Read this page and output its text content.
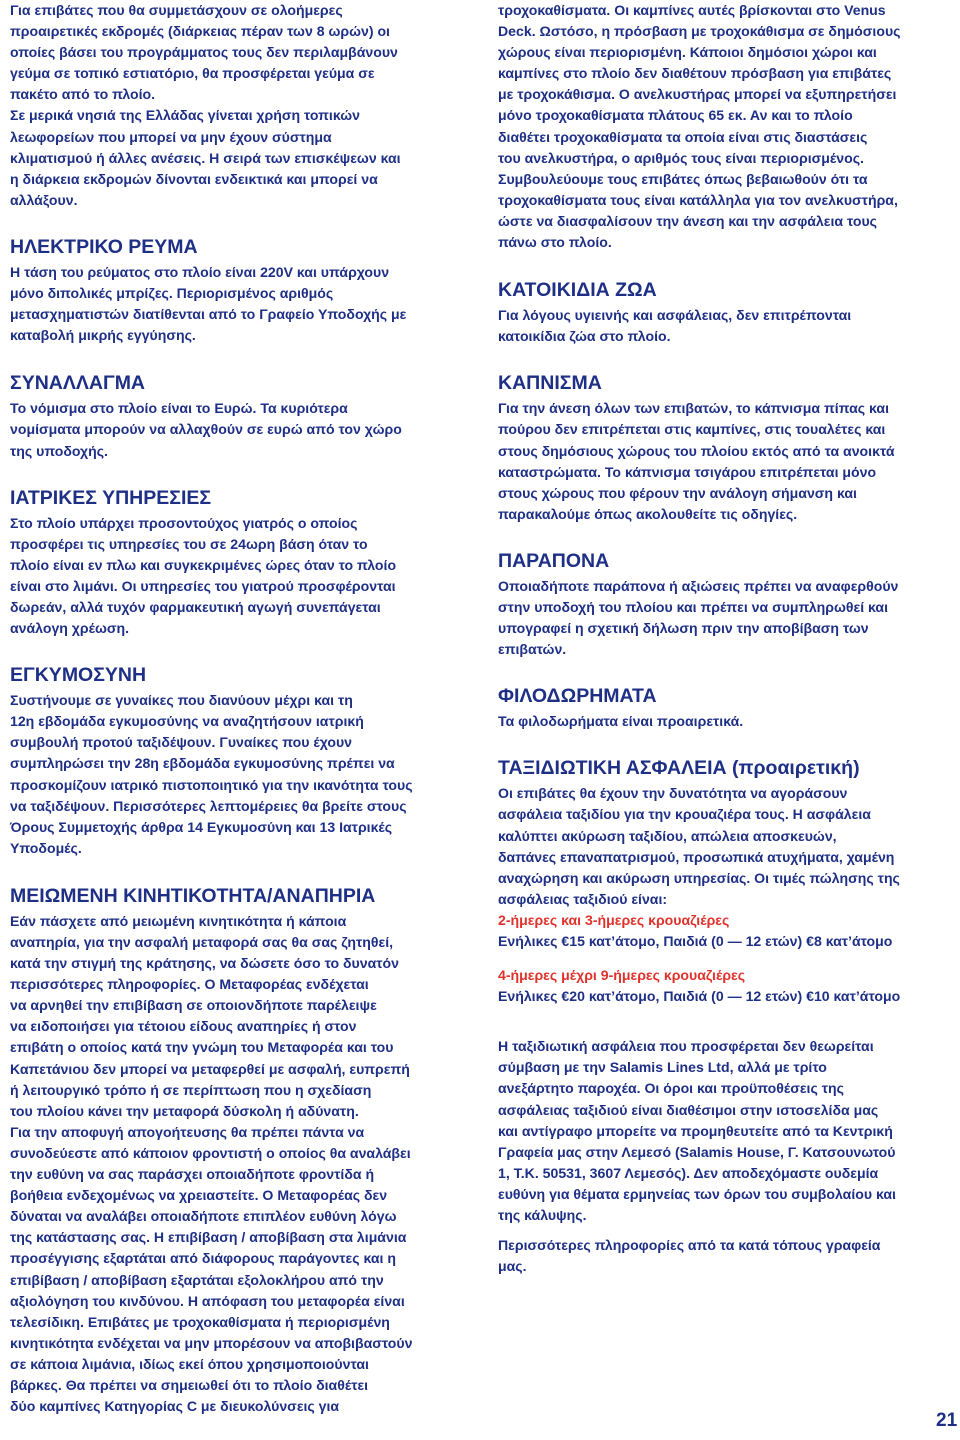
Για επιβάτες που θα συμμετάσχουν σε ολοήμερες
προαιρετικές εκδρομές (διάρκειας πέραν των 8 ωρών) οι
οποίες βάσει του προγράμματος τους δεν περιλαμβάνουν
γεύμα σε τοπικό εστιατόριο, θα προσφέρεται γεύμα σε
πακέτο από το πλοίο.
Σε μερικά νησιά της Ελλάδας γίνεται χρήση τοπικών
λεωφορείων που μπορεί να μην έχουν σύστημα
κλιματισμού ή άλλες ανέσεις. Η σειρά των επισκέψεων και
η διάρκεια εκδρομών δίνονται ενδεικτικά και μπορεί να
αλλάξουν.
ΗΛΕΚΤΡΙΚΟ ΡΕΥΜΑ
Η τάση του ρεύματος στο πλοίο είναι 220V και υπάρχουν
μόνο διπολικές μπρίζες. Περιορισμένος αριθμός
μετασχηματιστών διατίθενται από το Γραφείο Υποδοχής με
καταβολή μικρής εγγύησης.
ΣΥΝΑΛΛΑΓΜΑ
Το νόμισμα στο πλοίο είναι το Ευρώ. Τα κυριότερα
νομίσματα μπορούν να αλλαχθούν σε ευρώ από τον χώρο
της υποδοχής.
ΙΑΤΡΙΚΕΣ ΥΠΗΡΕΣΙΕΣ
Στο πλοίο υπάρχει προσοντούχος γιατρός ο οποίος
προσφέρει τις υπηρεσίες του σε 24ωρη βάση όταν το
πλοίο είναι εν πλω και συγκεκριμένες ώρες όταν το πλοίο
είναι στο λιμάνι. Οι υπηρεσίες του γιατρού προσφέρονται
δωρεάν, αλλά τυχόν φαρμακευτική αγωγή συνεπάγεται
ανάλογη χρέωση.
ΕΓΚΥΜΟΣΥΝΗ
Συστήνουμε σε γυναίκες που διανύουν μέχρι και τη
12η εβδομάδα εγκυμοσύνης να αναζητήσουν ιατρική
συμβουλή προτού ταξιδέψουν. Γυναίκες που έχουν
συμπληρώσει την 28η εβδομάδα εγκυμοσύνης πρέπει να
προσκομίζουν ιατρικό πιστοποιητικό για την ικανότητα τους
να ταξιδέψουν. Περισσότερες λεπτομέρειες θα βρείτε στους
Όρους Συμμετοχής άρθρα 14 Εγκυμοσύνη και 13 Ιατρικές
Υποδομές.
ΜΕΙΩΜΕΝΗ ΚΙΝΗΤΙΚΟΤΗΤΑ/ΑΝΑΠΗΡΙΑ
Εάν πάσχετε από μειωμένη κινητικότητα ή κάποια
αναπηρία, για την ασφαλή μεταφορά σας θα σας ζητηθεί,
κατά την στιγμή της κράτησης, να δώσετε όσο το δυνατόν
περισσότερες πληροφορίες. Ο Μεταφορέας ενδέχεται
να αρνηθεί την επιβίβαση σε οποιονδήποτε παρέλειψε
να ειδοποιήσει για τέτοιου είδους αναπηρίες ή στον
επιβάτη ο οποίος κατά την γνώμη του Μεταφορέα και του
Καπετάνιου δεν μπορεί να μεταφερθεί με ασφαλή, ευπρεπή
ή λειτουργικό τρόπο ή σε περίπτωση που η σχεδίαση
του πλοίου κάνει την μεταφορά δύσκολη ή αδύνατη.
Για την αποφυγή απογοήτευσης θα πρέπει πάντα να
συνοδεύεστε από κάποιον φροντιστή ο οποίος θα αναλάβει
την ευθύνη να σας παράσχει οποιαδήποτε φροντίδα ή
βοήθεια ενδεχομένως να χρειαστείτε. Ο Μεταφορέας δεν
δύναται να αναλάβει οποιαδήποτε επιπλέον ευθύνη λόγω
της κατάστασης σας. Η επιβίβαση / αποβίβαση στα λιμάνια
προσέγγισης εξαρτάται από διάφορους παράγοντες και η
επιβίβαση / αποβίβαση εξαρτάται εξολοκλήρου από την
αξιολόγηση του κινδύνου. Η απόφαση του μεταφορέα είναι
τελεσίδικη. Επιβάτες με τροχοκαθίσματα ή περιορισμένη
κινητικότητα ενδέχεται να μην μπορέσουν να αποβιβαστούν
σε κάποια λιμάνια, ιδίως εκεί όπου χρησιμοποιούνται
βάρκες. Θα πρέπει να σημειωθεί ότι το πλοίο διαθέτει
δύο καμπίνες Κατηγορίας C με διευκολύνσεις για
τροχοκαθίσματα. Οι καμπίνες αυτές βρίσκονται στο Venus
Deck. Ωστόσο, η πρόσβαση με τροχοκάθισμα σε δημόσιους
χώρους είναι περιορισμένη. Κάποιοι δημόσιοι χώροι και
καμπίνες στο πλοίο δεν διαθέτουν πρόσβαση για επιβάτες
με τροχοκάθισμα. Ο ανελκυστήρας μπορεί να εξυπηρετήσει
μόνο τροχοκαθίσματα πλάτους 65 εκ. Αν και το πλοίο
διαθέτει τροχοκαθίσματα τα οποία είναι στις διαστάσεις
του ανελκυστήρα, ο αριθμός τους είναι περιορισμένος.
Συμβουλεύουμε τους επιβάτες όπως βεβαιωθούν ότι τα
τροχοκαθίσματα τους είναι κατάλληλα για τον ανελκυστήρα,
ώστε να διασφαλίσουν την άνεση και την ασφάλεια τους
πάνω στο πλοίο.
ΚΑΤΟΙΚΙΔΙΑ ΖΩΑ
Για λόγους υγιεινής και ασφάλειας, δεν επιτρέπονται
κατοικίδια ζώα στο πλοίο.
ΚΑΠΝΙΣΜΑ
Για την άνεση όλων των επιβατών, το κάπνισμα πίπας και
πούρου δεν επιτρέπεται στις καμπίνες, στις τουαλέτες και
στους δημόσιους χώρους του πλοίου εκτός από τα ανοικτά
καταστρώματα. Το κάπνισμα τσιγάρου επιτρέπεται μόνο
στους χώρους που φέρουν την ανάλογη σήμανση και
παρακαλούμε όπως ακολουθείτε τις οδηγίες.
ΠΑΡΑΠΟΝΑ
Οποιαδήποτε παράπονα ή αξιώσεις πρέπει να αναφερθούν
στην υποδοχή του πλοίου και πρέπει να συμπληρωθεί και
υπογραφεί η σχετική δήλωση πριν την αποβίβαση των
επιβατών.
ΦΙΛΟΔΩΡΗΜΑΤΑ
Τα φιλοδωρήματα είναι προαιρετικά.
ΤΑΞΙΔΙΩΤΙΚΗ ΑΣΦΑΛΕΙΑ (προαιρετική)
Οι επιβάτες θα έχουν την δυνατότητα να αγοράσουν
ασφάλεια ταξιδίου για την κρουαζιέρα τους. Η ασφάλεια
καλύπτει ακύρωση ταξιδίου, απώλεια αποσκευών,
δαπάνες επαναπατρισμού, προσωπικά ατυχήματα, χαμένη
αναχώρηση και ακύρωση υπηρεσίας. Οι τιμές πώλησης της
ασφάλειας ταξιδιού είναι:
2-ήμερες και 3-ήμερες κρουαζιέρες
Ενήλικες €15 κατ’άτομο, Παιδιά (0 — 12 ετών) €8 κατ’άτομο
4-ήμερες μέχρι 9-ήμερες κρουαζιέρες
Ενήλικες €20 κατ’άτομο, Παιδιά (0 — 12 ετών) €10 κατ’άτομο
Η ταξιδιωτική ασφάλεια που προσφέρεται δεν θεωρείται
σύμβαση με την Salamis Lines Ltd, αλλά με τρίτο
ανεξάρτητο παροχέα. Οι όροι και προϋποθέσεις της
ασφάλειας ταξιδιού είναι διαθέσιμοι στην ιστοσελίδα μας
και αντίγραφο μπορείτε να προμηθευτείτε από τα Κεντρική
Γραφεία μας στην Λεμεσό (Salamis House, Γ. Κατσουνωτού
1, Τ.Κ. 50531, 3607 Λεμεσός). Δεν αποδεχόμαστε ουδεμία
ευθύνη για θέματα ερμηνείας των όρων του συμβολαίου και
της κάλυψης.
Περισσότερες πληροφορίες από τα κατά τόπους γραφεία
μας.
21
